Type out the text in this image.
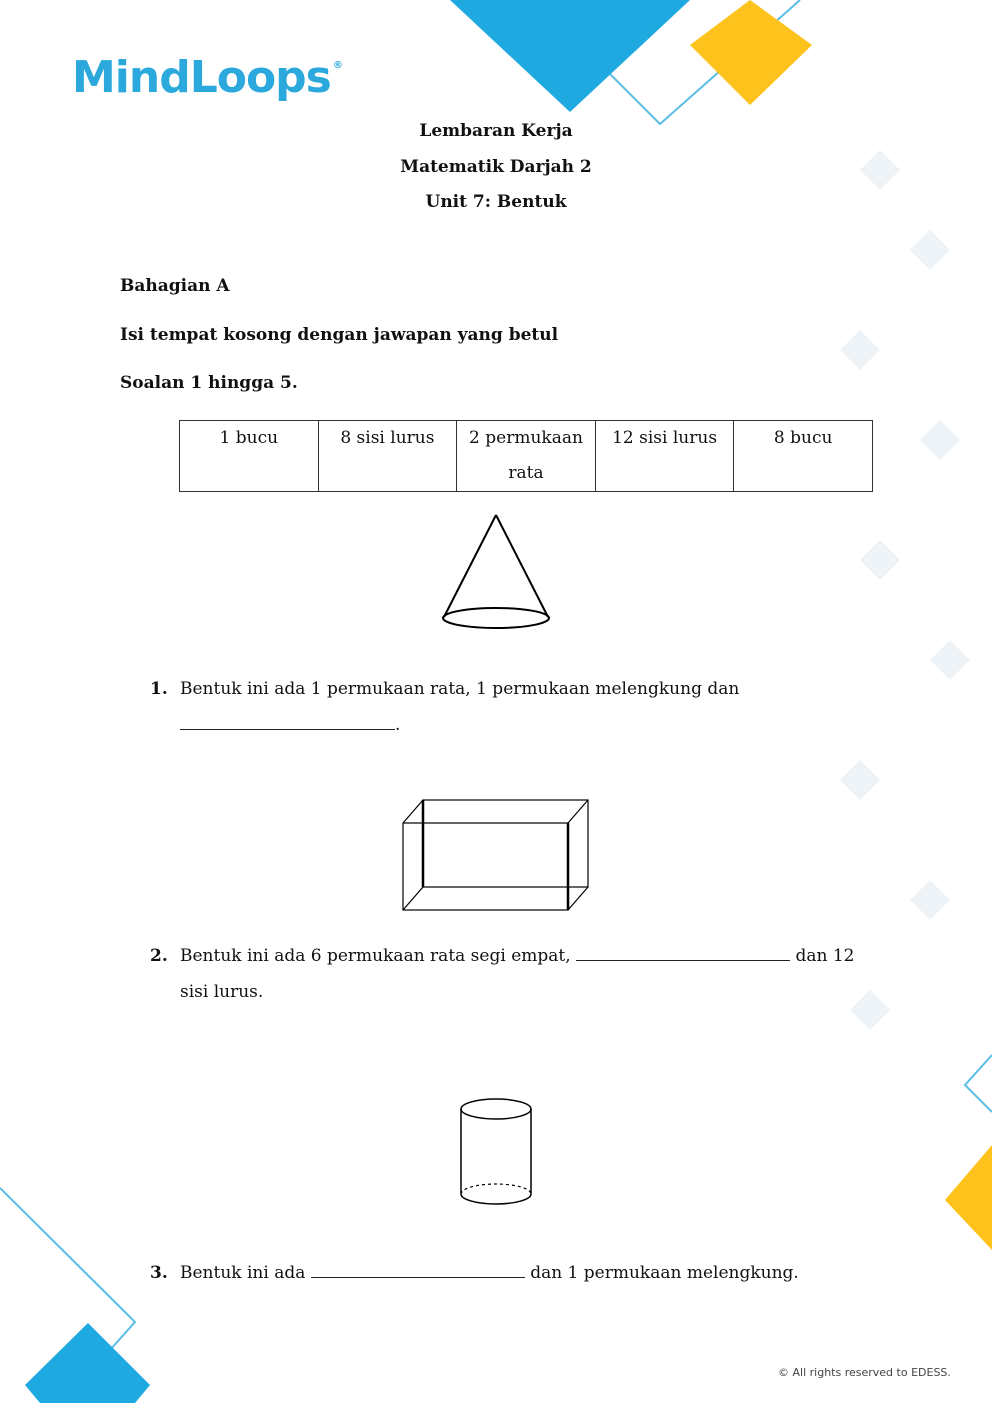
MindLoops ®
Lembaran Kerja
Matematik Darjah 2
Unit 7: Bentuk
Bahagian A
Isi tempat kosong dengan jawapan yang betul
Soalan 1 hingga 5.
1 bucu	8 sisi lurus	2 permukaan rata	12 sisi lurus	8 bucu
1. Bentuk ini ada 1 permukaan rata, 1 permukaan melengkung dan
.
2. Bentuk ini ada 6 permukaan rata segi empat,	dan 12 sisi lurus.
3. Bentuk ini ada	dan 1 permukaan melengkung.
© All rights reserved to EDESS.
